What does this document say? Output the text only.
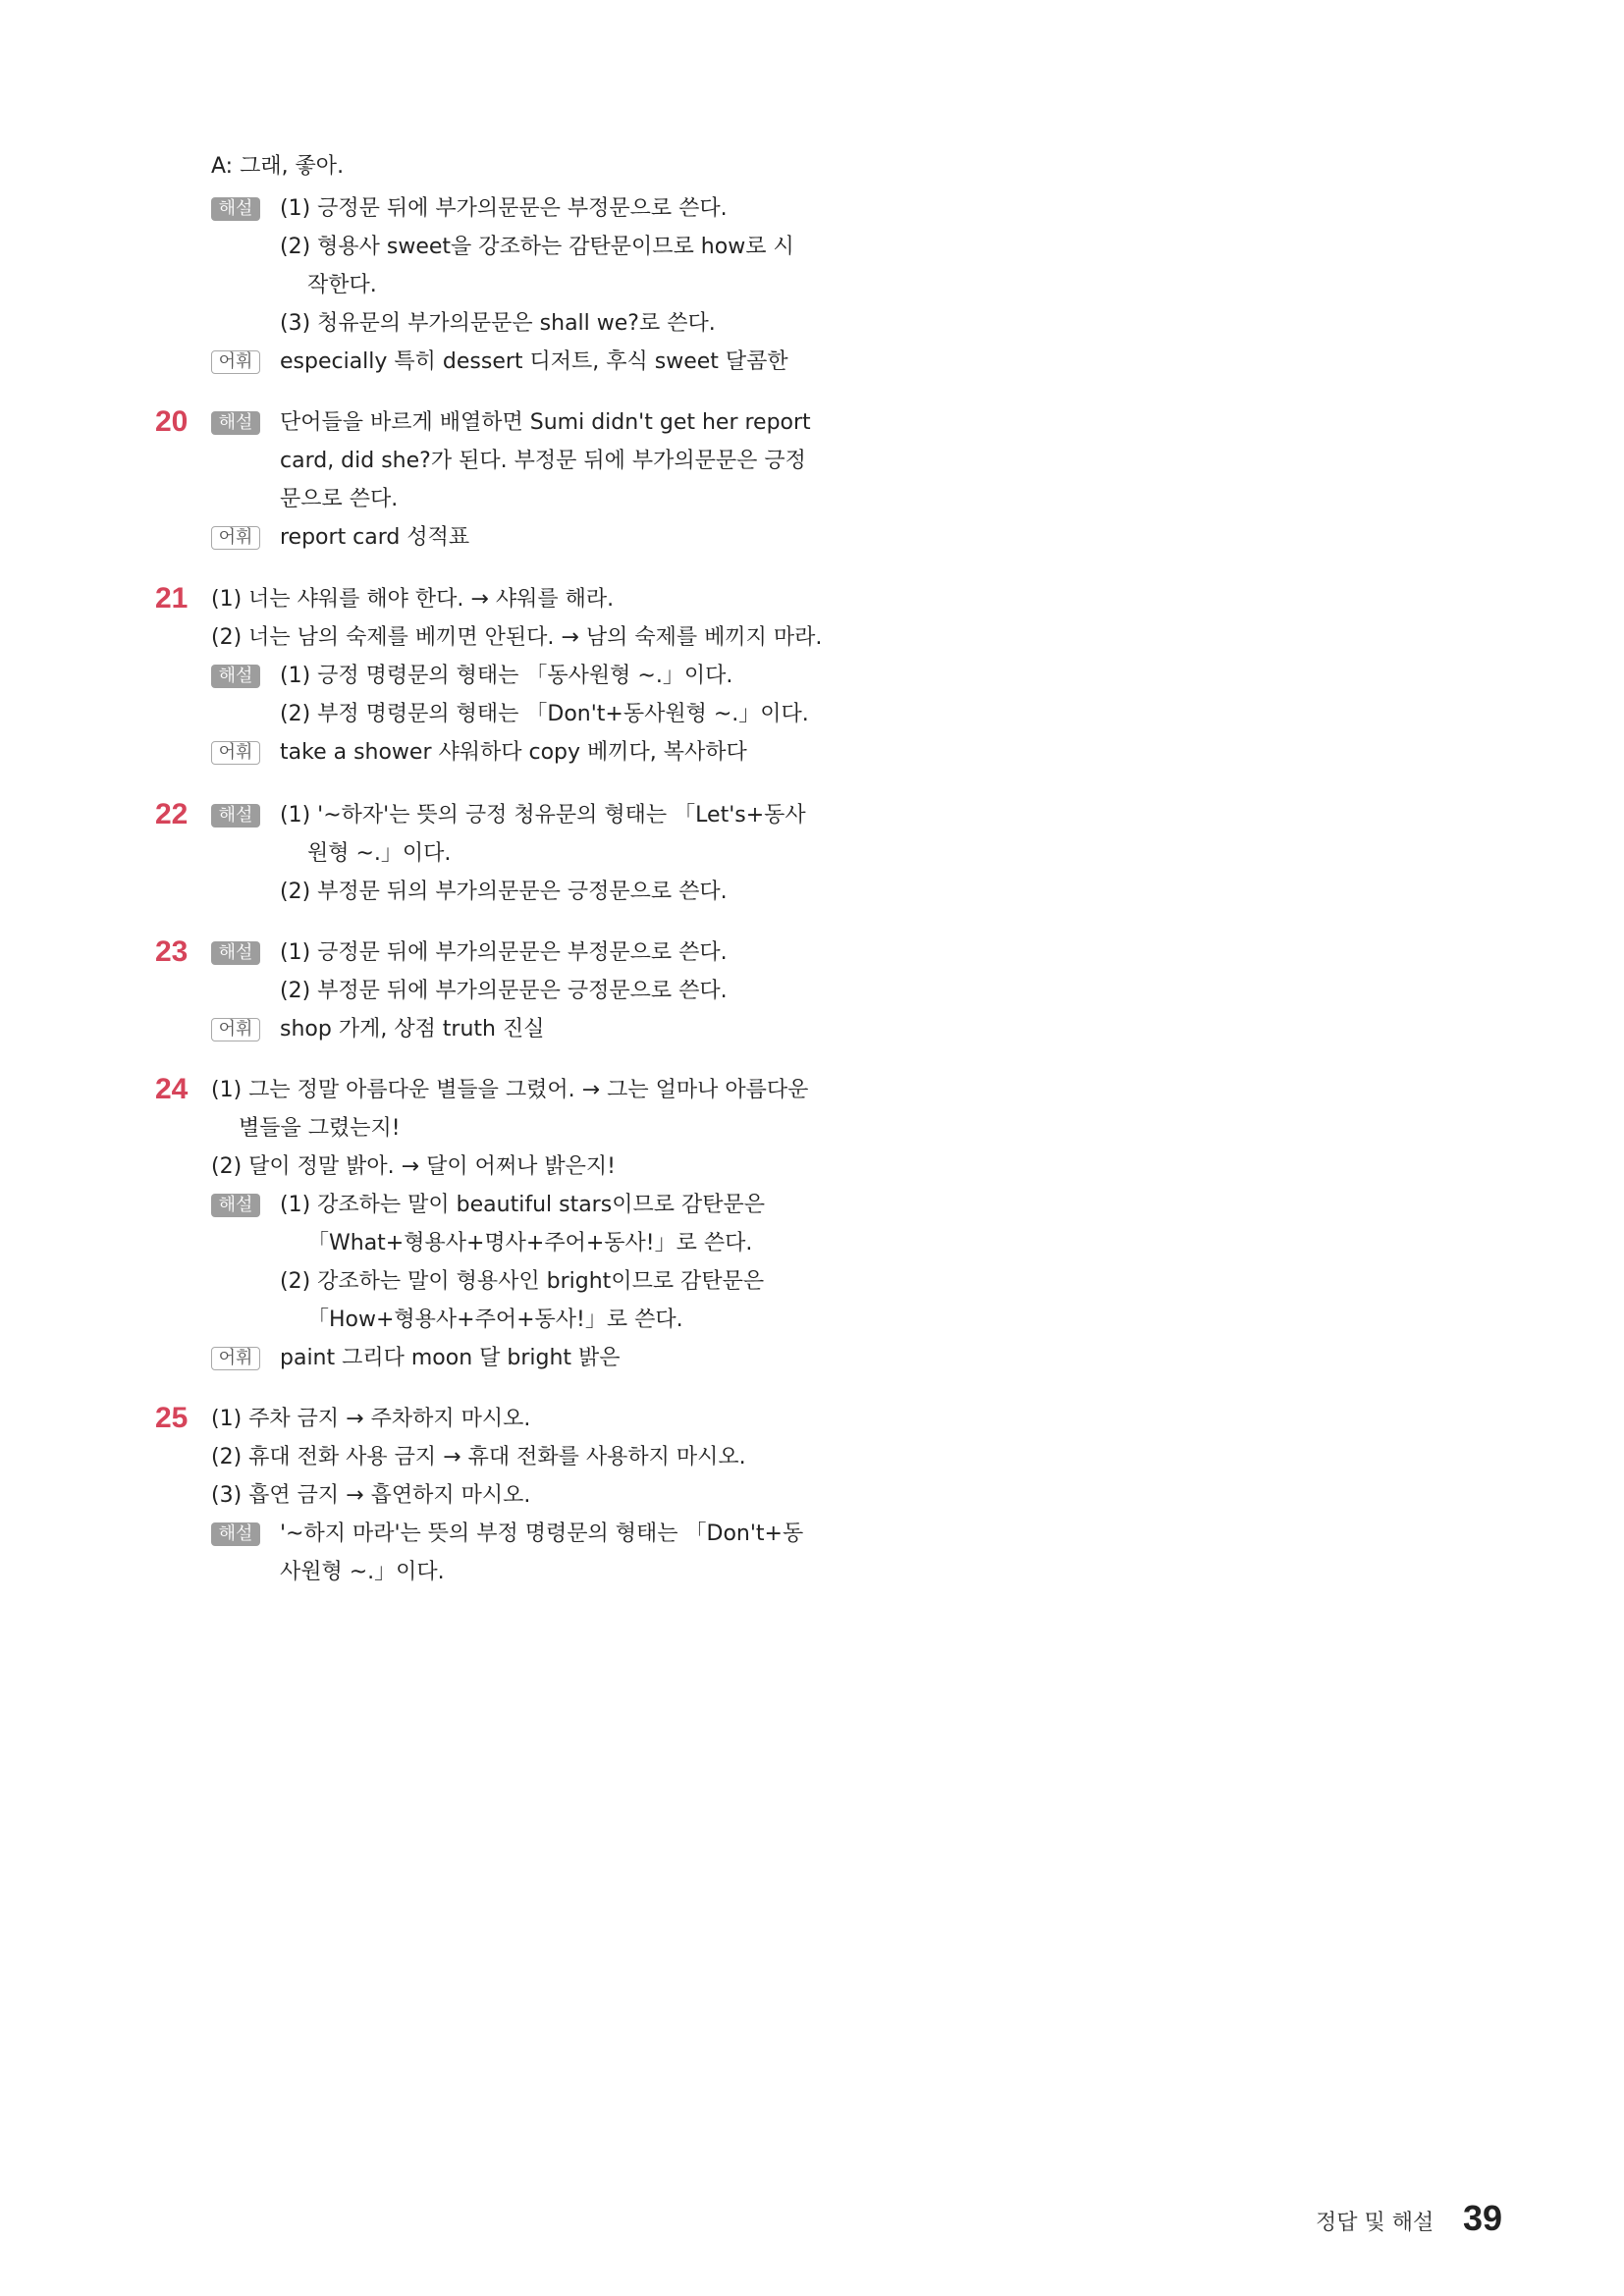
A: 그래, 좋아.
해설	(1) 긍정문 뒤에 부가의문문은 부정문으로 쓴다.
(2) 형용사 sweet을 강조하는 감탄문이므로 how로 시
작한다.
(3) 청유문의 부가의문문은 shall we?로 쓴다.
어휘	especially 특히 dessert 디저트, 후식 sweet 달콤한
20	해설	단어들을 바르게 배열하면 Sumi didn't get her report
card, did she?가 된다. 부정문 뒤에 부가의문문은 긍정
문으로 쓴다.
어휘	report card 성적표
21	(1) 너는 샤워를 해야 한다. → 샤워를 해라.
(2) 너는 남의 숙제를 베끼면 안된다. → 남의 숙제를 베끼지 마라.
해설	(1) 긍정 명령문의 형태는 「동사원형 ~.」이다.
(2) 부정 명령문의 형태는 「Don't+동사원형 ~.」이다.
어휘	take a shower 샤워하다 copy 베끼다, 복사하다
22	해설	(1) '~하자'는 뜻의 긍정 청유문의 형태는 「Let's+동사
원형 ~.」이다.
(2) 부정문 뒤의 부가의문문은 긍정문으로 쓴다.
23	해설	(1) 긍정문 뒤에 부가의문문은 부정문으로 쓴다.
(2) 부정문 뒤에 부가의문문은 긍정문으로 쓴다.
어휘	shop 가게, 상점 truth 진실
24	(1) 그는 정말 아름다운 별들을 그렸어. → 그는 얼마나 아름다운
별들을 그렸는지!
(2) 달이 정말 밝아. → 달이 어쩌나 밝은지!
해설	(1) 강조하는 말이 beautiful stars이므로 감탄문은
「What+형용사+명사+주어+동사!」로 쓴다.
(2) 강조하는 말이 형용사인 bright이므로 감탄문은
「How+형용사+주어+동사!」로 쓴다.
어휘	paint 그리다 moon 달 bright 밝은
25	(1) 주차 금지 → 주차하지 마시오.
(2) 휴대 전화 사용 금지 → 휴대 전화를 사용하지 마시오.
(3) 흡연 금지 → 흡연하지 마시오.
해설	'~하지 마라'는 뜻의 부정 명령문의 형태는 「Don't+동
사원형 ~.」이다.
정답 및 해설 39
